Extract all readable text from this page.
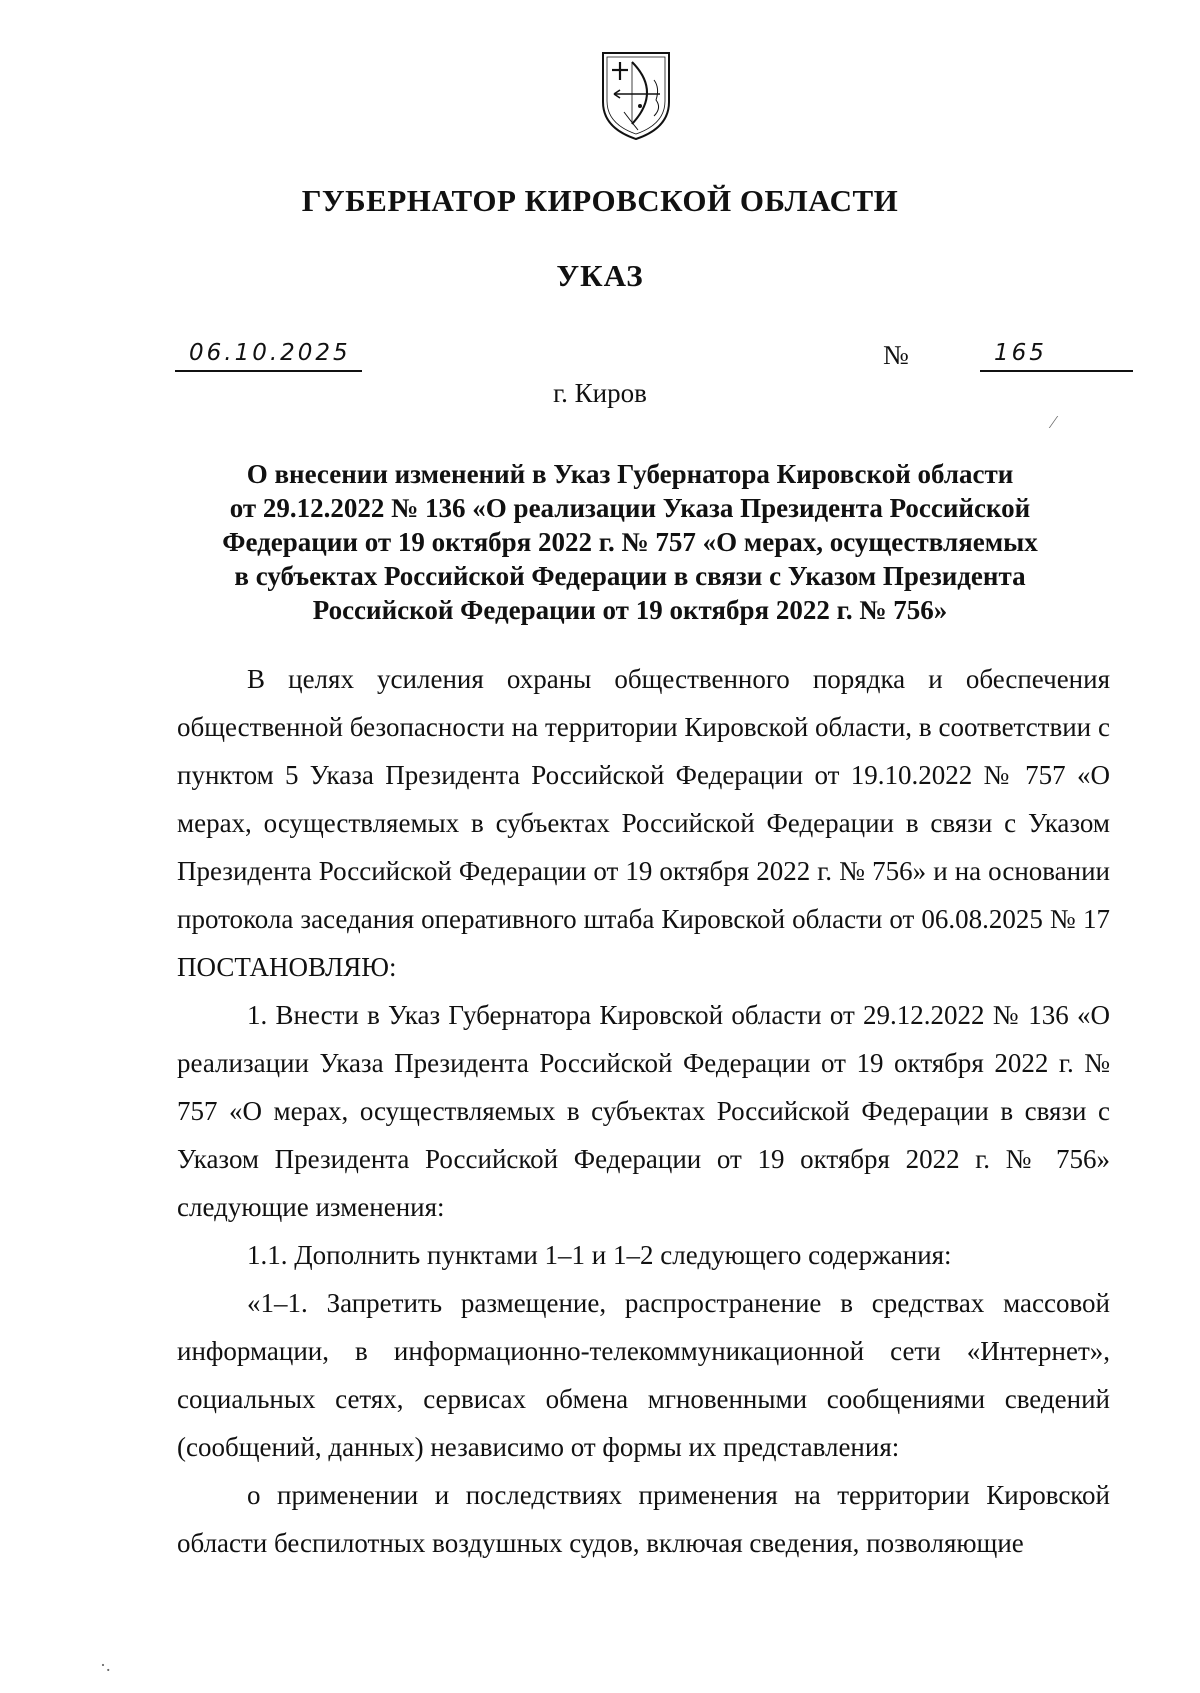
ГУБЕРНАТОР КИРОВСКОЙ ОБЛАСТИ
УКАЗ
06.10.2025	№	165
г. Киров
О внесении изменений в Указ Губернатора Кировской области
от 29.12.2022 № 136 «О реализации Указа Президента Российской
Федерации от 19 октября 2022 г. № 757 «О мерах, осуществляемых
в субъектах Российской Федерации в связи с Указом Президента
Российской Федерации от 19 октября 2022 г. № 756»

В целях усиления охраны общественного порядка и обеспечения общественной безопасности на территории Кировской области, в соответствии с пунктом 5 Указа Президента Российской Федерации от 19.10.2022 № 757 «О мерах, осуществляемых в субъектах Российской Федерации в связи с Указом Президента Российской Федерации от 19 октября 2022 г. № 756» и на основании протокола заседания оперативного штаба Кировской области от 06.08.2025 № 17 ПОСТАНОВЛЯЮ:

1. Внести в Указ Губернатора Кировской области от 29.12.2022 № 136 «О реализации Указа Президента Российской Федерации от 19 октября 2022 г. № 757 «О мерах, осуществляемых в субъектах Российской Федерации в связи с Указом Президента Российской Федерации от 19 октября 2022 г. № 756» следующие изменения:

1.1. Дополнить пунктами 1–1 и 1–2 следующего содержания:

«1–1. Запретить размещение, распространение в средствах массовой информации, в информационно-телекоммуникационной сети «Интернет», социальных сетях, сервисах обмена мгновенными сообщениями сведений (сообщений, данных) независимо от формы их представления:

о применении и последствиях применения на территории Кировской области беспилотных воздушных судов, включая сведения, позволяющие

⁄
·.
